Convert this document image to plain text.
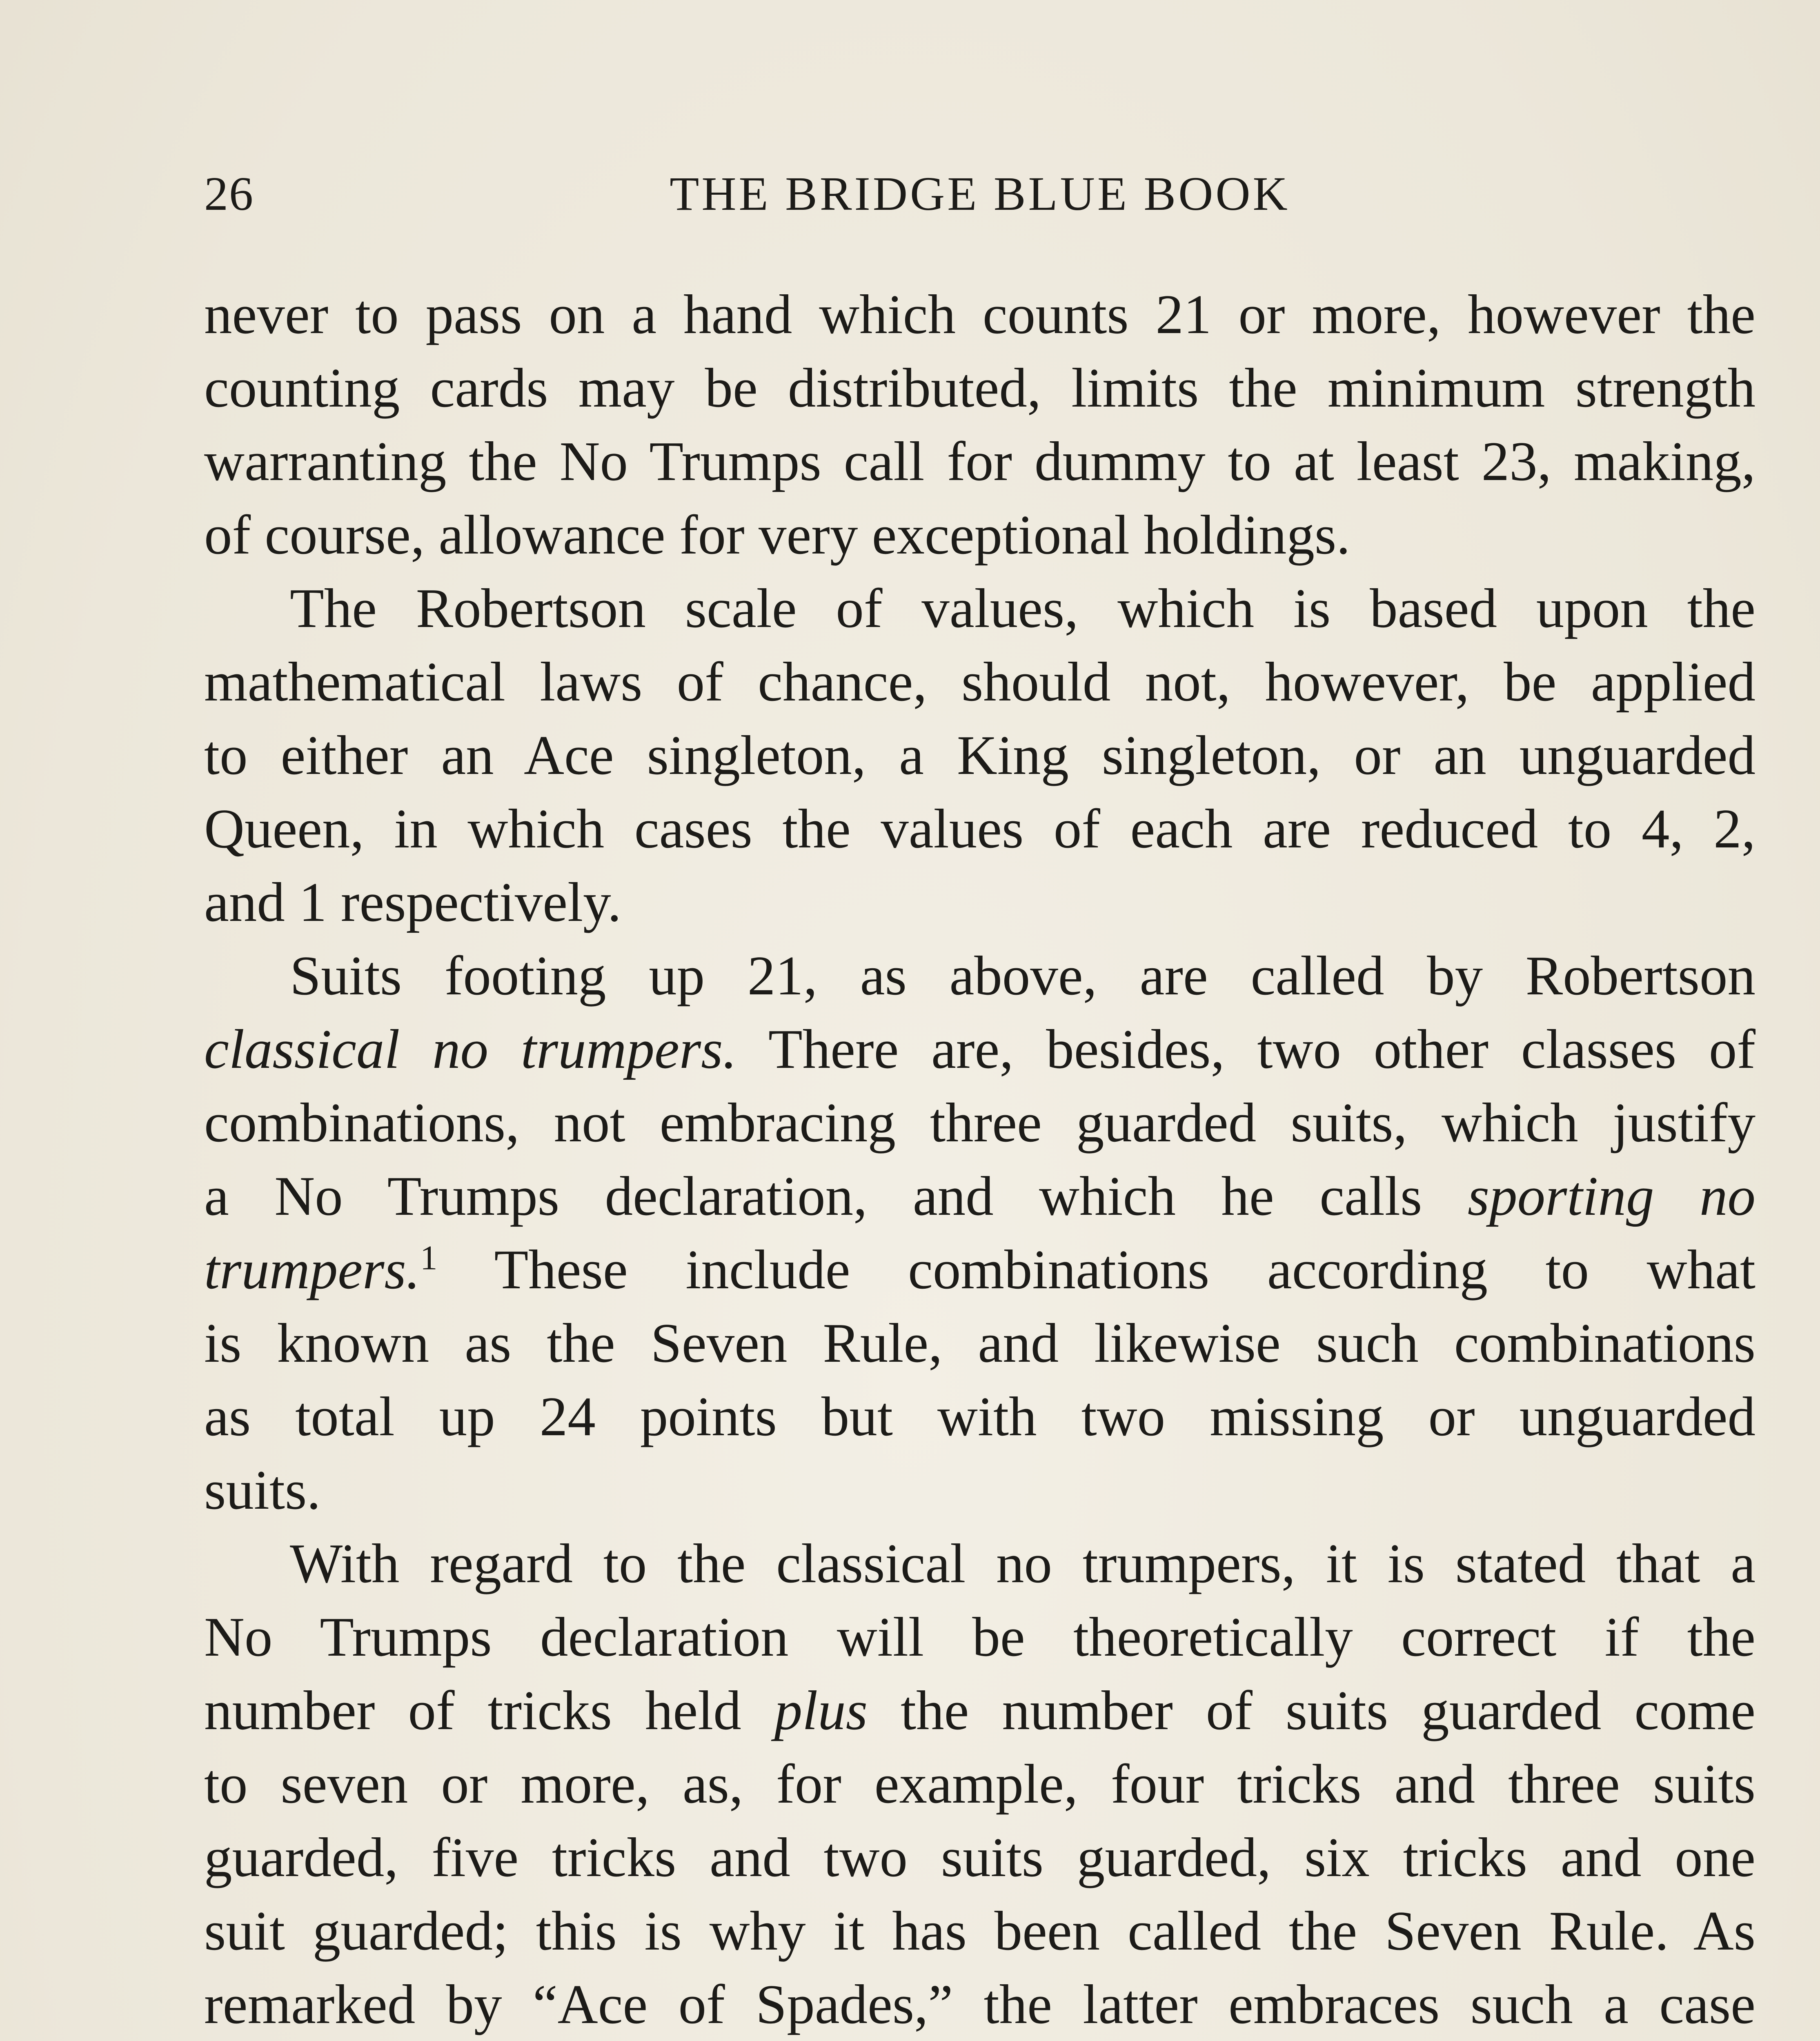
26	THE BRIDGE BLUE BOOK

never to pass on a hand which counts 21 or more, however the
counting cards may be distributed, limits the minimum strength
warranting the No Trumps call for dummy to at least 23, making,
of course, allowance for very exceptional holdings.

The Robertson scale of values, which is based upon the
mathematical laws of chance, should not, however, be applied
to either an Ace singleton, a King singleton, or an unguarded
Queen, in which cases the values of each are reduced to 4, 2,
and 1 respectively.

Suits footing up 21, as above, are called by Robertson
classical no trumpers. There are, besides, two other classes of
combinations, not embracing three guarded suits, which justify
a No Trumps declaration, and which he calls sporting no
trumpers.$^1$ These include combinations according to what
is known as the Seven Rule, and likewise such combinations
as total up 24 points but with two missing or unguarded
suits.

With regard to the classical no trumpers, it is stated that a
No Trumps declaration will be theoretically correct if the
number of tricks held plus the number of suits guarded come
to seven or more, as, for example, four tricks and three suits
guarded, five tricks and two suits guarded, six tricks and one
suit guarded; this is why it has been called the Seven Rule. As
remarked by “Ace of Spades,” the latter embraces such a case
